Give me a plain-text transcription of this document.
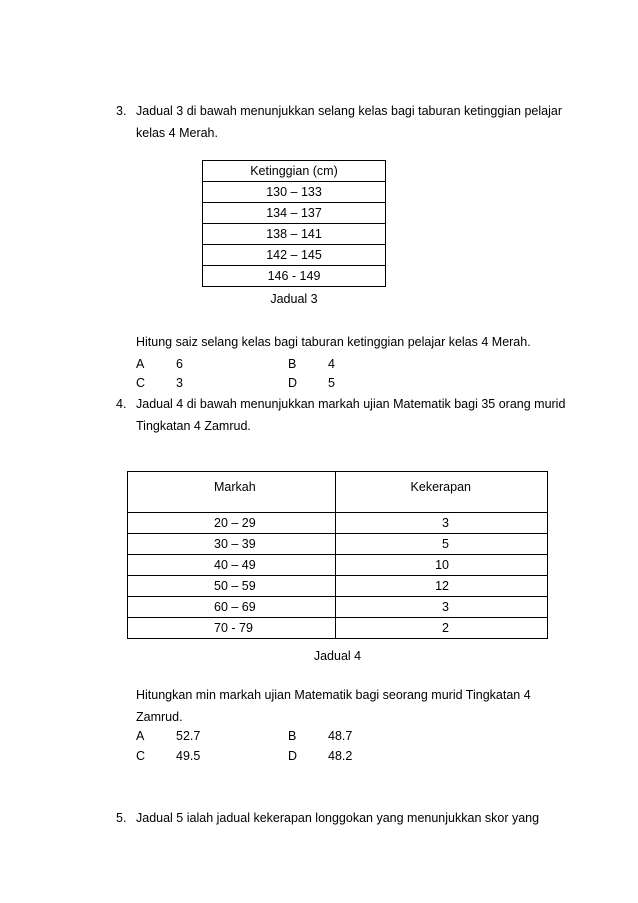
3. Jadual 3 di bawah menunjukkan selang kelas bagi taburan ketinggian pelajar
kelas 4 Merah.
Ketinggian (cm)
130 – 133
134 – 137
138 – 141
142 – 145
146 - 149
Jadual 3
Hitung saiz selang kelas bagi taburan ketinggian pelajar kelas 4 Merah.
A	6	B	4
C 3	D 5
4. Jadual 4 di bawah menunjukkan markah ujian Matematik bagi 35 orang murid
Tingkatan 4 Zamrud.
Markah	Kekerapan
20 – 29	3
30 – 39	5
40 – 49	10
50 – 59	12
60 – 69	3
70 - 79	2
Jadual 4
Hitungkan min markah ujian Matematik bagi seorang murid Tingkatan 4
Zamrud.
A	52.7	B	48.7
C 49.5	D 48.2
5. Jadual 5 ialah jadual kekerapan longgokan yang menunjukkan skor yang
